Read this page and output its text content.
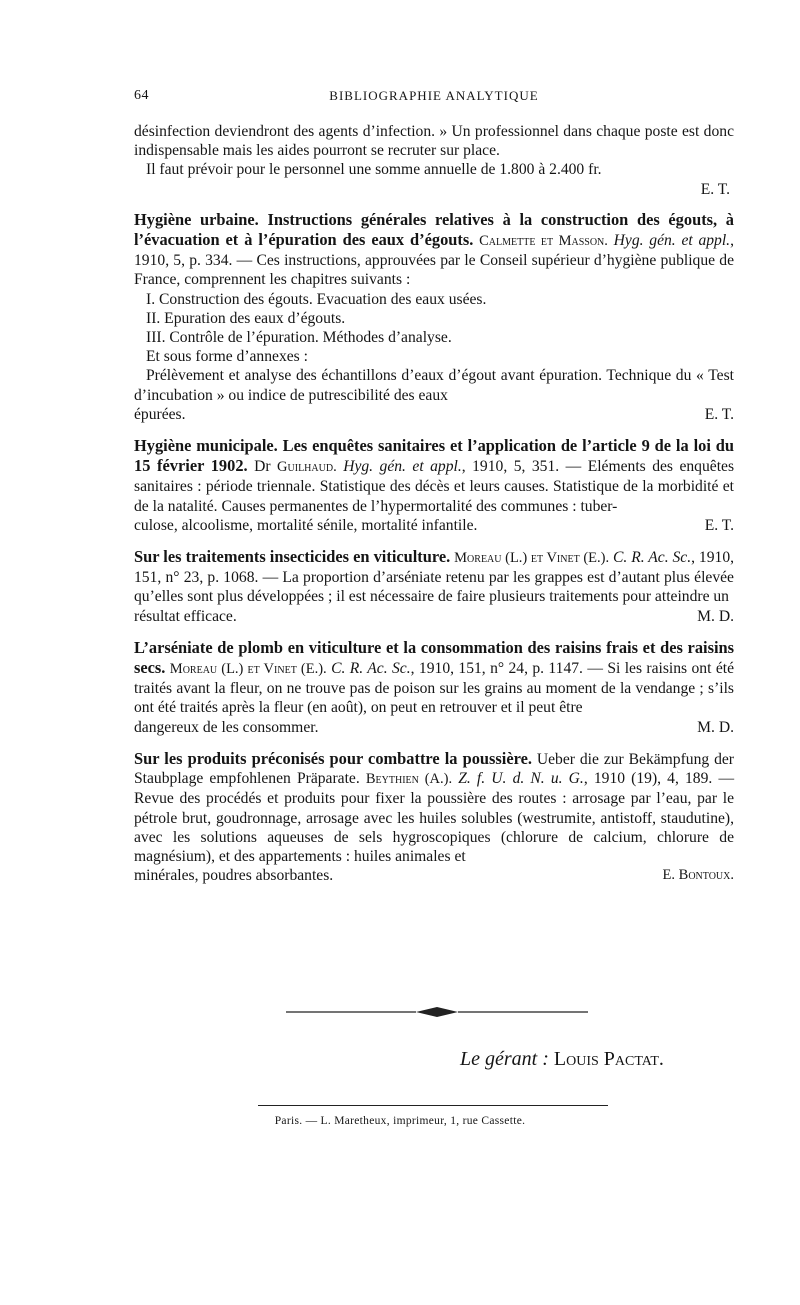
64	BIBLIOGRAPHIE ANALYTIQUE

désinfection deviendront des agents d’infection. » Un professionnel dans chaque poste est donc indispensable mais les aides pourront se recruter sur place.

Il faut prévoir pour le personnel une somme annuelle de 1.800 à 2.400 fr.

E. T.

Hygiène urbaine. Instructions générales relatives à la construction des égouts, à l’évacuation et à l’épuration des eaux d’égouts. Calmette et Masson. Hyg. gén. et appl., 1910, 5, p. 334. — Ces instructions, approuvées par le Conseil supérieur d’hygiène publique de France, comprennent les chapitres suivants :

I. Construction des égouts. Evacuation des eaux usées.

II. Epuration des eaux d’égouts.

III. Contrôle de l’épuration. Méthodes d’analyse.

Et sous forme d’annexes :

Prélèvement et analyse des échantillons d’eaux d’égout avant épuration. Technique du « Test d’incubation » ou indice de putrescibilité des eaux

épurées.	E. T.

Hygiène municipale. Les enquêtes sanitaires et l’application de l’article 9 de la loi du 15 février 1902. Dr Guilhaud. Hyg. gén. et appl., 1910, 5, 351. — Eléments des enquêtes sanitaires : période triennale. Statistique des décès et leurs causes. Statistique de la morbidité et de la natalité. Causes permanentes de l’hypermortalité des communes : tuber-

culose, alcoolisme, mortalité sénile, mortalité infantile.	E. T.

Sur les traitements insecticides en viticulture. Moreau (L.) et Vinet (E.). C. R. Ac. Sc., 1910, 151, n° 23, p. 1068. — La proportion d’arséniate retenu par les grappes est d’autant plus élevée qu’elles sont plus développées ; il est nécessaire de faire plusieurs traitements pour atteindre un

résultat efficace.	M. D.

L’arséniate de plomb en viticulture et la consommation des raisins frais et des raisins secs. Moreau (L.) et Vinet (E.). C. R. Ac. Sc., 1910, 151, n° 24, p. 1147. — Si les raisins ont été traités avant la fleur, on ne trouve pas de poison sur les grains au moment de la vendange ; s’ils ont été traités après la fleur (en août), on peut en retrouver et il peut être

dangereux de les consommer.	M. D.

Sur les produits préconisés pour combattre la poussière. Ueber die zur Bekämpfung der Staubplage empfohlenen Präparate. Beythien (A.). Z. f. U. d. N. u. G., 1910 (19), 4, 189. — Revue des procédés et produits pour fixer la poussière des routes : arrosage par l’eau, par le pétrole brut, goudronnage, arrosage avec les huiles solubles (westrumite, antistoff, staudutine), avec les solutions aqueuses de sels hygroscopiques (chlorure de calcium, chlorure de magnésium), et des appartements : huiles animales et

minérales, poudres absorbantes.	E. Bontoux.

Le gérant : Louis Pactat.
Paris. — L. Maretheux, imprimeur, 1, rue Cassette.
